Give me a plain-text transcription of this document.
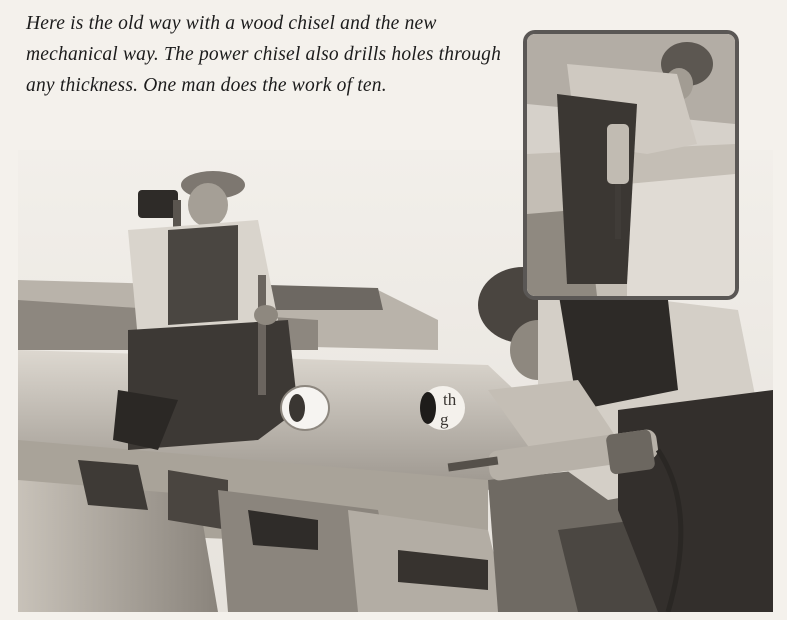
Here is the old way with a wood chisel and the new mechanical way. The power chisel also drills holes through any thickness. One man does the work of ten.

th
g
